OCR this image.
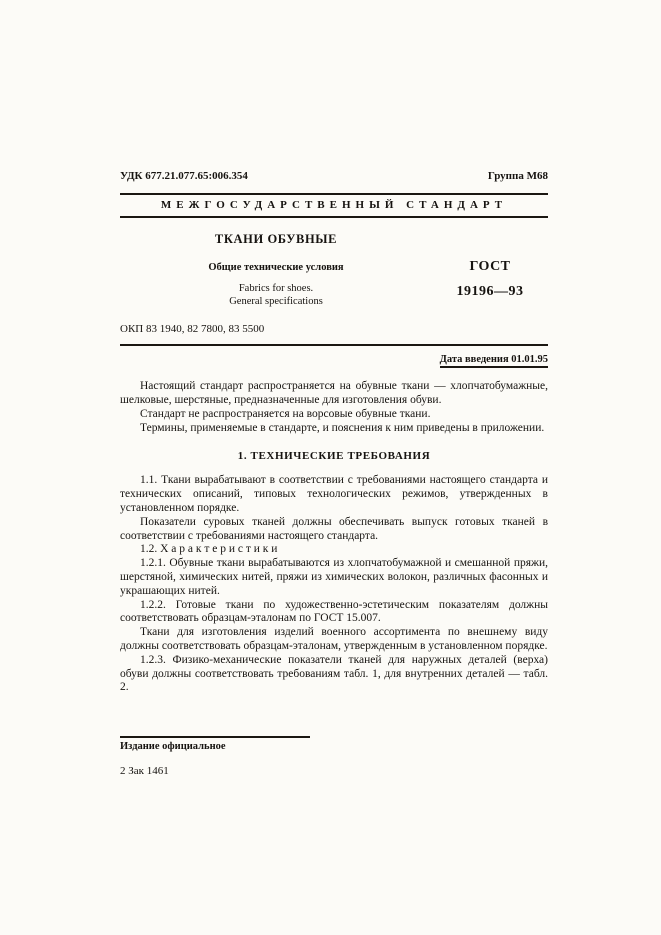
УДК 677.21.077.65:006.354	Группа М68
МЕЖГОСУДАРСТВЕННЫЙ СТАНДАРТ
ТКАНИ ОБУВНЫЕ
Общие технические условия
Fabrics for shoes.
General specifications
ГОСТ
19196—93
ОКП 83 1940, 82 7800, 83 5500
Дата введения 01.01.95

Настоящий стандарт распространяется на обувные ткани — хлопчатобумажные, шелковые, шерстяные, предназначенные для изготовления обуви.

Стандарт не распространяется на ворсовые обувные ткани.

Термины, применяемые в стандарте, и пояснения к ним приведены в приложении.

1. ТЕХНИЧЕСКИЕ ТРЕБОВАНИЯ

1.1. Ткани вырабатывают в соответствии с требованиями настоящего стандарта и технических описаний, типовых технологических режимов, утвержденных в установленном порядке.

Показатели суровых тканей должны обеспечивать выпуск готовых тканей в соответствии с требованиями настоящего стандарта.

1.2. Х а р а к т е р и с т и к и

1.2.1. Обувные ткани вырабатываются из хлопчатобумажной и смешанной пряжи, шерстяной, химических нитей, пряжи из химических волокон, различных фасонных и украшающих нитей.

1.2.2. Готовые ткани по художественно-эстетическим показателям должны соответствовать образцам-эталонам по ГОСТ 15.007.

Ткани для изготовления изделий военного ассортимента по внешнему виду должны соответствовать образцам-эталонам, утвержденным в установленном порядке.

1.2.3. Физико-механические показатели тканей для наружных деталей (верха) обуви должны соответствовать требованиям табл. 1, для внутренних деталей — табл. 2.

Издание официальное
2 Зак 1461
